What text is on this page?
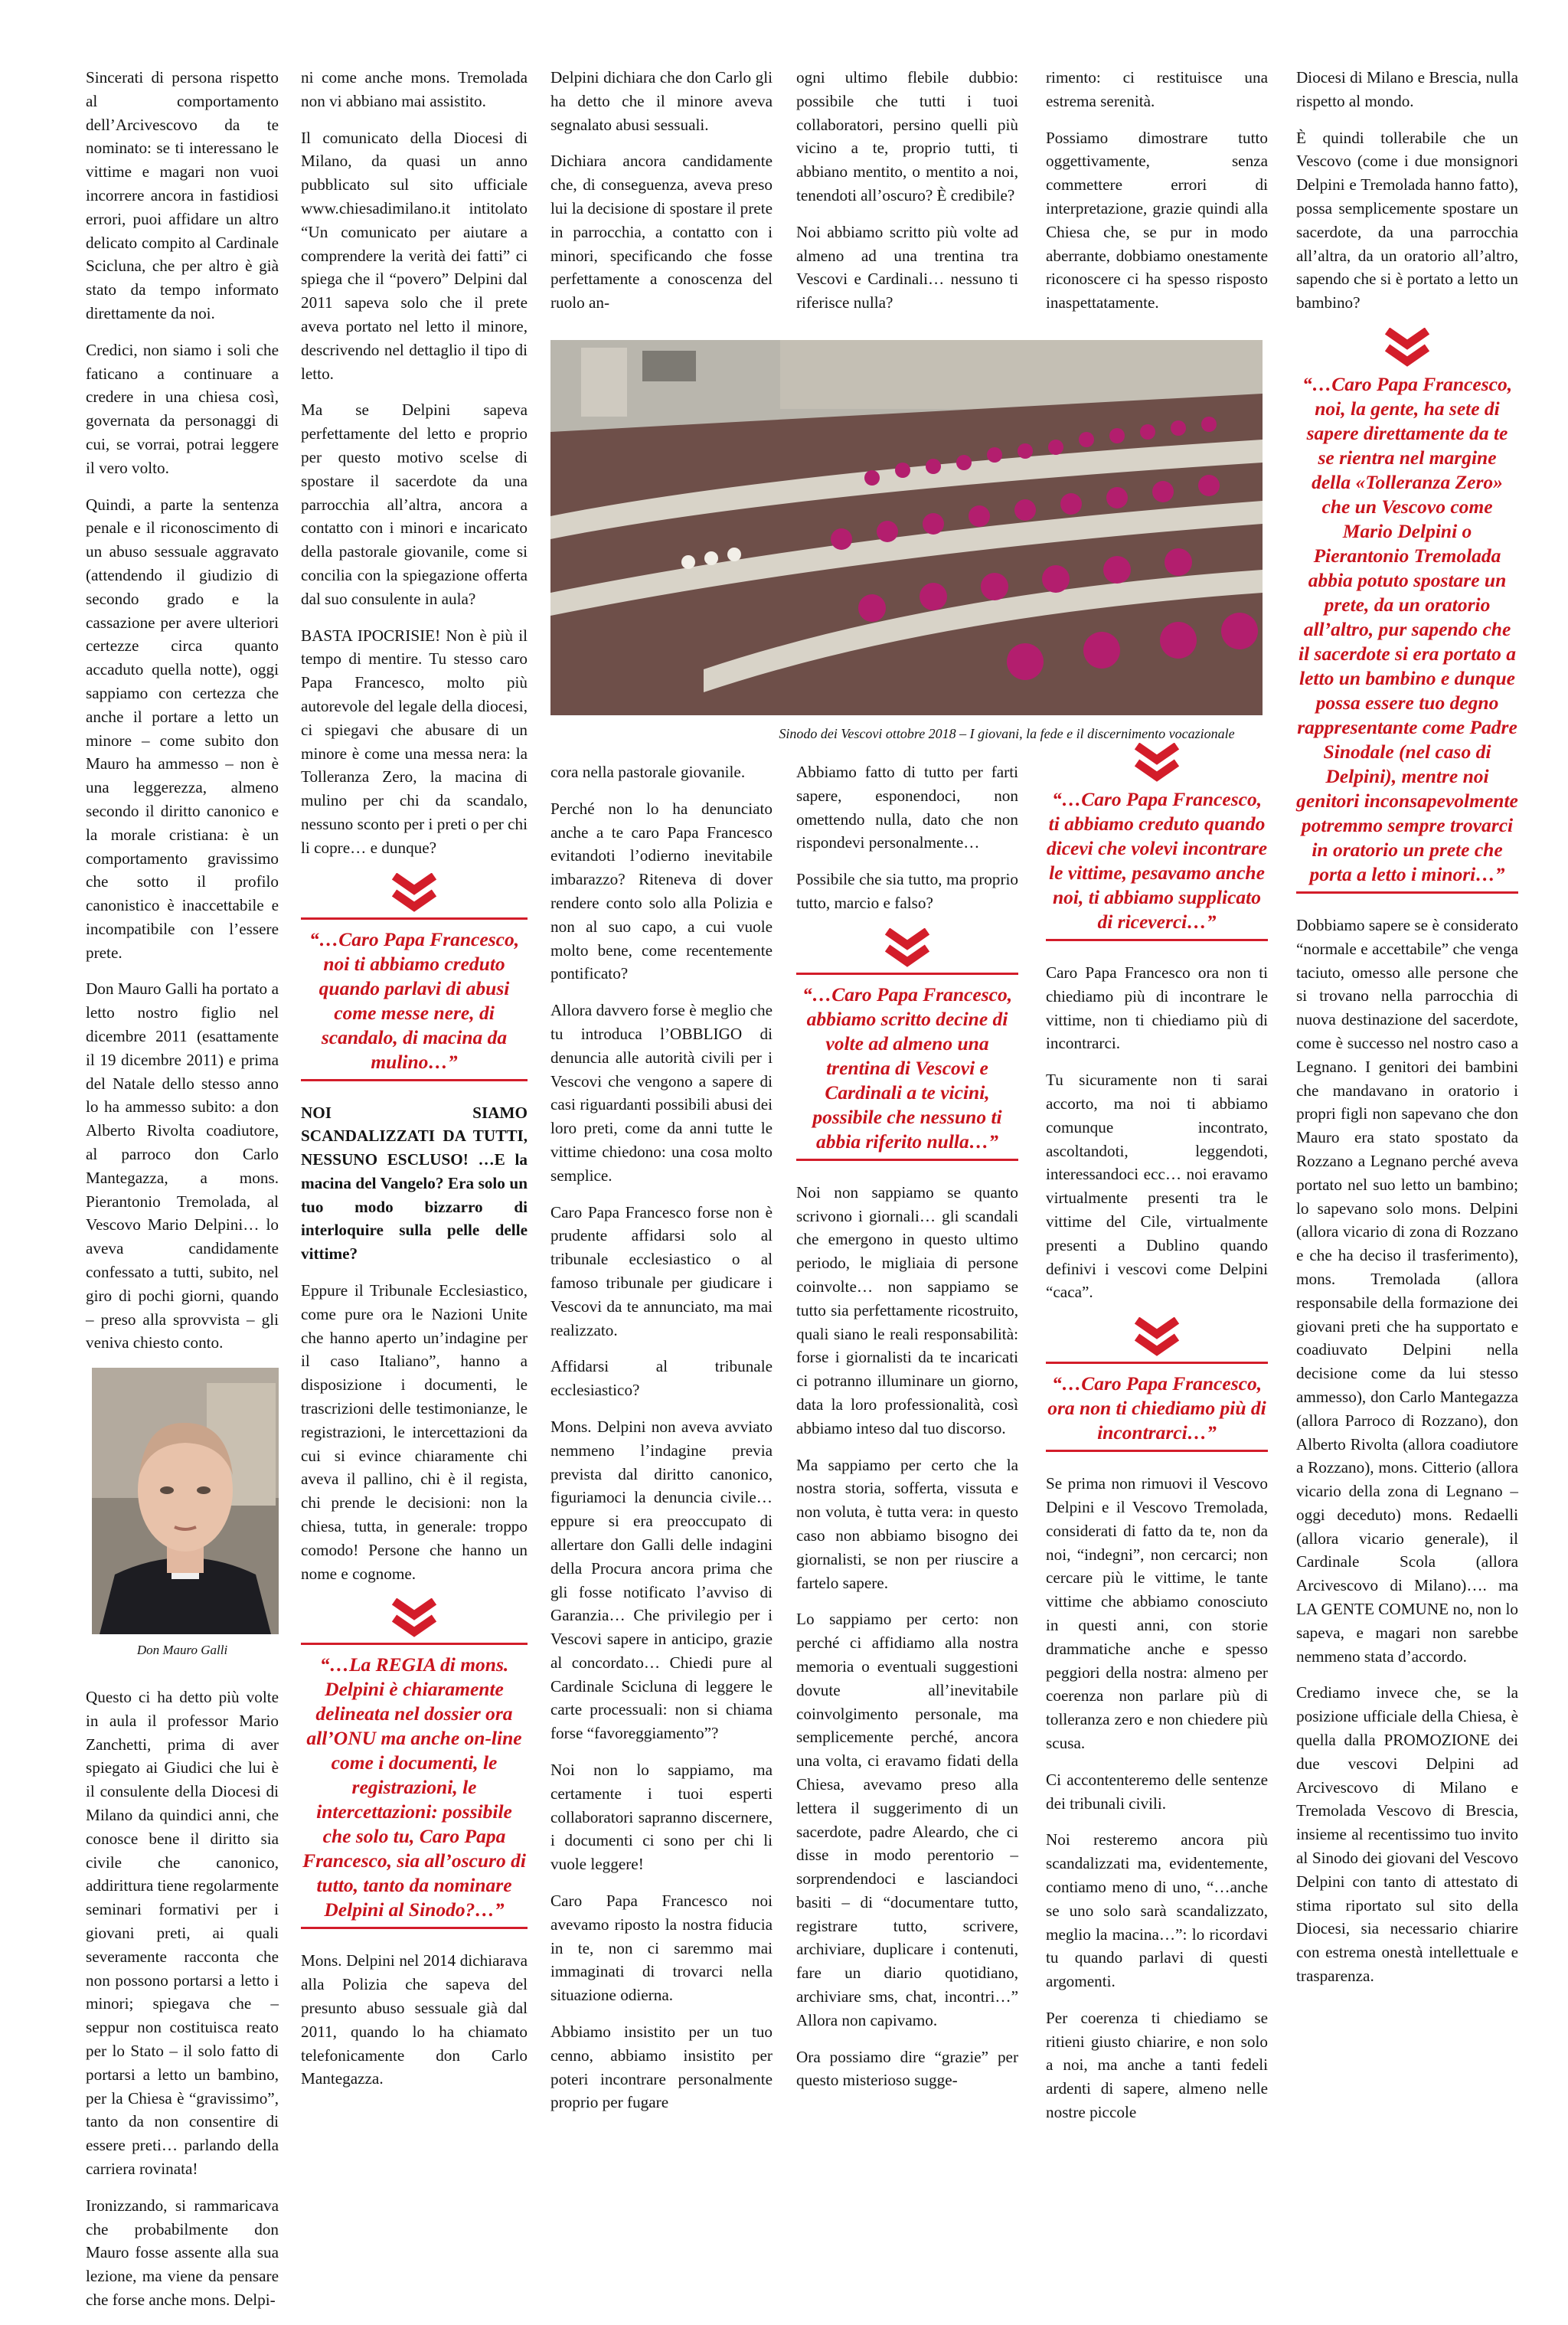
Sincerati di persona rispetto al comportamento dell’Arcivescovo da te nominato: se ti interessano le vittime e magari non vuoi incorrere ancora in fastidiosi errori, puoi affidare un altro delicato compito al Cardinale Scicluna, che per altro è già stato da tempo informato direttamente da noi.

Credici, non siamo i soli che faticano a continuare a credere in una chiesa così, governata da personaggi di cui, se vorrai, potrai leggere il vero volto.

Quindi, a parte la sentenza penale e il riconoscimento di un abuso sessuale aggravato (attendendo il giudizio di secondo grado e la cassazione per avere ulteriori certezze circa quanto accaduto quella notte), oggi sappiamo con certezza che anche il portare a letto un minore – come subito don Mauro ha ammesso – non è una leggerezza, almeno secondo il diritto canonico e la morale cristiana: è un comportamento gravissimo che sotto il profilo canonistico è inaccettabile e incompatibile con l’essere prete.

Don Mauro Galli ha portato a letto nostro figlio nel dicembre 2011 (esattamente il 19 dicembre 2011) e prima del Natale dello stesso anno lo ha ammesso subito: a don Alberto Rivolta coadiutore, al parroco don Carlo Mantegazza, a mons. Pierantonio Tremolada, al Vescovo Mario Delpini… lo aveva candidamente confessato a tutti, subito, nel giro di pochi giorni, quando – preso alla sprovvista – gli veniva chiesto conto.

Don Mauro Galli

Questo ci ha detto più volte in aula il professor Mario Zanchetti, prima di aver spiegato ai Giudici che lui è il consulente della Diocesi di Milano da quindici anni, che conosce bene il diritto sia civile che canonico, addirittura tiene regolarmente seminari formativi per i giovani preti, ai quali severamente racconta che non possono portarsi a letto i minori; spiegava che – seppur non costituisca reato per lo Stato – il solo fatto di portarsi a letto un bambino, per la Chiesa è “gravissimo”, tanto da non consentire di essere preti… parlando della carriera rovinata!

Ironizzando, si rammaricava che probabilmente don Mauro fosse assente alla sua lezione, ma viene da pensare che forse anche mons. Delpi-

ni come anche mons. Tremolada non vi abbiano mai assistito.

Il comunicato della Diocesi di Milano, da quasi un anno pubblicato sul sito ufficiale www.chiesadimilano.it intitolato “Un comunicato per aiutare a comprendere la verità dei fatti” ci spiega che il “povero” Delpini dal 2011 sapeva solo che il prete aveva portato nel letto il minore, descrivendo nel dettaglio il tipo di letto.

Ma se Delpini sapeva perfettamente del letto e proprio per questo motivo scelse di spostare il sacerdote da una parrocchia all’altra, ancora a contatto con i minori e incaricato della pastorale giovanile, come si concilia con la spiegazione offerta dal suo consulente in aula?

BASTA IPOCRISIE! Non è più il tempo di mentire. Tu stesso caro Papa Francesco, molto più autorevole del legale della diocesi, ci spiegavi che abusare di un minore è come una messa nera: la Tolleranza Zero, la macina di mulino per chi da scandalo, nessuno sconto per i preti o per chi li copre… e dunque?

“…Caro Papa Francesco, noi ti abbiamo creduto quando parlavi di abusi come messe nere, di scandalo, di macina da mulino…”

NOI SIAMO SCANDALIZZATI DA TUTTI, NESSUNO ESCLUSO! …E la macina del Vangelo? Era solo un tuo modo bizzarro di interloquire sulla pelle delle vittime?

Eppure il Tribunale Ecclesiastico, come pure ora le Nazioni Unite che hanno aperto un’indagine per il caso Italiano”, hanno a disposizione i documenti, le trascrizioni delle testimonianze, le registrazioni, le intercettazioni da cui si evince chiaramente chi aveva il pallino, chi è il regista, chi prende le decisioni: non la chiesa, tutta, in generale: troppo comodo! Persone che hanno un nome e cognome.

“…La REGIA di mons. Delpini è chiaramente delineata nel dossier ora all’ONU ma anche on-line come i documenti, le registrazioni, le intercettazioni: possibile che solo tu, Caro Papa Francesco, sia all’oscuro di tutto, tanto da nominare Delpini al Sinodo?…”

Mons. Delpini nel 2014 dichiarava alla Polizia che sapeva del presunto abuso sessuale già dal 2011, quando lo ha chiamato telefonicamente don Carlo Mantegazza.

Delpini dichiara che don Carlo gli ha detto che il minore aveva segnalato abusi sessuali.

Dichiara ancora candidamente che, di conseguenza, aveva preso lui la decisione di spostare il prete in parrocchia, a contatto con i minori, specificando che fosse perfettamente a conoscenza del ruolo an-

ogni ultimo flebile dubbio: possibile che tutti i tuoi collaboratori, persino quelli più vicino a te, proprio tutti, ti abbiano mentito, o mentito a noi, tenendoti all’oscuro? È credibile?

Noi abbiamo scritto più volte ad almeno ad una trentina tra Vescovi e Cardinali… nessuno ti riferisce nulla?

rimento: ci restituisce una estrema serenità.

Possiamo dimostrare tutto oggettivamente, senza commettere errori di interpretazione, grazie quindi alla Chiesa che, se pur in modo aberrante, dobbiamo onestamente riconoscere ci ha spesso risposto inaspettatamente.

Sinodo dei Vescovi ottobre 2018 – I giovani, la fede e il discernimento vocazionale

cora nella pastorale giovanile.

Perché non lo ha denunciato anche a te caro Papa Francesco evitandoti l’odierno inevitabile imbarazzo? Riteneva di dover rendere conto solo alla Polizia e non al suo capo, a cui vuole molto bene, come recentemente pontificato?

Allora davvero forse è meglio che tu introduca l’OBBLIGO di denuncia alle autorità civili per i Vescovi che vengono a sapere di casi riguardanti possibili abusi dei loro preti, come da anni tutte le vittime chiedono: una cosa molto semplice.

Caro Papa Francesco forse non è prudente affidarsi solo al tribunale ecclesiastico o al famoso tribunale per giudicare i Vescovi da te annunciato, ma mai realizzato.

Affidarsi al tribunale ecclesiastico?

Mons. Delpini non aveva avviato nemmeno l’indagine previa prevista dal diritto canonico, figuriamoci la denuncia civile… eppure si era preoccupato di allertare don Galli delle indagini della Procura ancora prima che gli fosse notificato l’avviso di Garanzia… Che privilegio per i Vescovi sapere in anticipo, grazie al concordato… Chiedi pure al Cardinale Scicluna di leggere le carte processuali: non si chiama forse “favoreggiamento”?

Noi non lo sappiamo, ma certamente i tuoi esperti collaboratori sapranno discernere, i documenti ci sono per chi li vuole leggere!

Caro Papa Francesco noi avevamo riposto la nostra fiducia in te, non ci saremmo mai immaginati di trovarci nella situazione odierna.

Abbiamo insistito per un tuo cenno, abbiamo insistito per poteri incontrare personalmente proprio per fugare

Abbiamo fatto di tutto per farti sapere, esponendoci, non omettendo nulla, dato che non rispondevi personalmente…

Possibile che sia tutto, ma proprio tutto, marcio e falso?

“…Caro Papa Francesco, abbiamo scritto decine di volte ad almeno una trentina di Vescovi e Cardinali a te vicini, possibile che nessuno ti abbia riferito nulla…”

Noi non sappiamo se quanto scrivono i giornali… gli scandali che emergono in questo ultimo periodo, le migliaia di persone coinvolte… non sappiamo se tutto sia perfettamente ricostruito, quali siano le reali responsabilità: forse i giornalisti da te incaricati ci potranno illuminare un giorno, data la loro professionalità, così abbiamo inteso dal tuo discorso.

Ma sappiamo per certo che la nostra storia, sofferta, vissuta e non voluta, è tutta vera: in questo caso non abbiamo bisogno dei giornalisti, se non per riuscire a fartelo sapere.

Lo sappiamo per certo: non perché ci affidiamo alla nostra memoria o eventuali suggestioni dovute all’inevitabile coinvolgimento personale, ma semplicemente perché, ancora una volta, ci eravamo fidati della Chiesa, avevamo preso alla lettera il suggerimento di un sacerdote, padre Aleardo, che ci disse in modo perentorio – sorprendendoci e lasciandoci basiti – di “documentare tutto, registrare tutto, scrivere, archiviare, duplicare i contenuti, fare un diario quotidiano, archiviare sms, chat, incontri…” Allora non capivamo.

Ora possiamo dire “grazie” per questo misterioso sugge-

“…Caro Papa Francesco, ti abbiamo creduto quando dicevi che volevi incontrare le vittime, pesavamo anche noi, ti abbiamo supplicato di riceverci…”

Caro Papa Francesco ora non ti chiediamo più di incontrare le vittime, non ti chiediamo più di incontrarci.

Tu sicuramente non ti sarai accorto, ma noi ti abbiamo comunque incontrato, ascoltandoti, leggendoti, interessandoci ecc… noi eravamo virtualmente presenti tra le vittime del Cile, virtualmente presenti a Dublino quando definivi i vescovi come Delpini “caca”.

“…Caro Papa Francesco, ora non ti chiediamo più di incontrarci…”

Se prima non rimuovi il Vescovo Delpini e il Vescovo Tremolada, considerati di fatto da te, non da noi, “indegni”, non cercarci; non cercare più le vittime, le tante vittime che abbiamo conosciuto in questi anni, con storie drammatiche anche e spesso peggiori della nostra: almeno per coerenza non parlare più di tolleranza zero e non chiedere più scusa.

Ci accontenteremo delle sentenze dei tribunali civili.

Noi resteremo ancora più scandalizzati ma, evidentemente, contiamo meno di uno, “…anche se uno solo sarà scandalizzato, meglio la macina…”: lo ricordavi tu quando parlavi di questi argomenti.

Per coerenza ti chiediamo se ritieni giusto chiarire, e non solo a noi, ma anche a tanti fedeli ardenti di sapere, almeno nelle nostre piccole

Diocesi di Milano e Brescia, nulla rispetto al mondo.

È quindi tollerabile che un Vescovo (come i due monsignori Delpini e Tremolada hanno fatto), possa semplicemente spostare un sacerdote, da una parrocchia all’altra, da un oratorio all’altro, sapendo che si è portato a letto un bambino?

“…Caro Papa Francesco, noi, la gente, ha sete di sapere direttamente da te se rientra nel margine della «Tolleranza Zero» che un Vescovo come Mario Delpini o Pierantonio Tremolada abbia potuto spostare un prete, da un oratorio all’altro, pur sapendo che il sacerdote si era portato a letto un bambino e dunque possa essere tuo degno rappresentante come Padre Sinodale (nel caso di Delpini), mentre noi genitori inconsapevolmente potremmo sempre trovarci in oratorio un prete che porta a letto i minori…”

Dobbiamo sapere se è considerato “normale e accettabile” che venga taciuto, omesso alle persone che si trovano nella parrocchia di nuova destinazione del sacerdote, come è successo nel nostro caso a Legnano. I genitori dei bambini che mandavano in oratorio i propri figli non sapevano che don Mauro era stato spostato da Rozzano a Legnano perché aveva portato nel suo letto un bambino; lo sapevano solo mons. Delpini (allora vicario di zona di Rozzano e che ha deciso il trasferimento), mons. Tremolada (allora responsabile della formazione dei giovani preti che ha supportato e coadiuvato Delpini nella decisione come da lui stesso ammesso), don Carlo Mantegazza (allora Parroco di Rozzano), don Alberto Rivolta (allora coadiutore a Rozzano), mons. Citterio (allora vicario della zona di Legnano – oggi deceduto) mons. Redaelli (allora vicario generale), il Cardinale Scola (allora Arcivescovo di Milano)…. ma LA GENTE COMUNE no, non lo sapeva, e magari non sarebbe nemmeno stata d’accordo.

Crediamo invece che, se la posizione ufficiale della Chiesa, è quella dalla PROMOZIONE dei due vescovi Delpini ad Arcivescovo di Milano e Tremolada Vescovo di Brescia, insieme al recentissimo tuo invito al Sinodo dei giovani del Vescovo Delpini con tanto di attestato di stima riportato sul sito della Diocesi, sia necessario chiarire con estrema onestà intellettuale e trasparenza.
